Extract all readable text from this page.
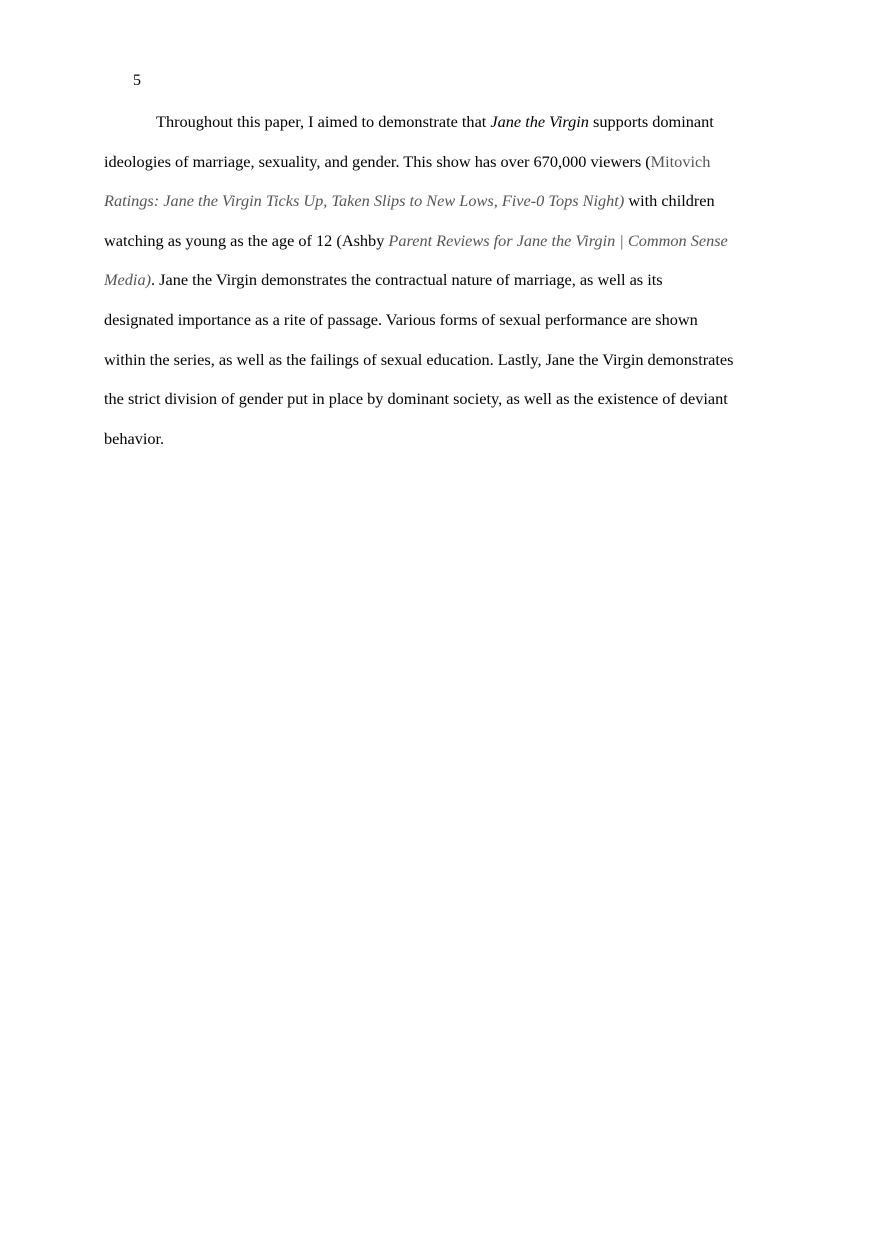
5
Throughout this paper, I aimed to demonstrate that Jane the Virgin supports dominant
ideologies of marriage, sexuality, and gender. This show has over 670,000 viewers (Mitovich
Ratings: Jane the Virgin Ticks Up, Taken Slips to New Lows, Five-0 Tops Night) with children
watching as young as the age of 12 (Ashby Parent Reviews for Jane the Virgin | Common Sense
Media). Jane the Virgin demonstrates the contractual nature of marriage, as well as its
designated importance as a rite of passage. Various forms of sexual performance are shown
within the series, as well as the failings of sexual education. Lastly, Jane the Virgin demonstrates
the strict division of gender put in place by dominant society, as well as the existence of deviant
behavior.
